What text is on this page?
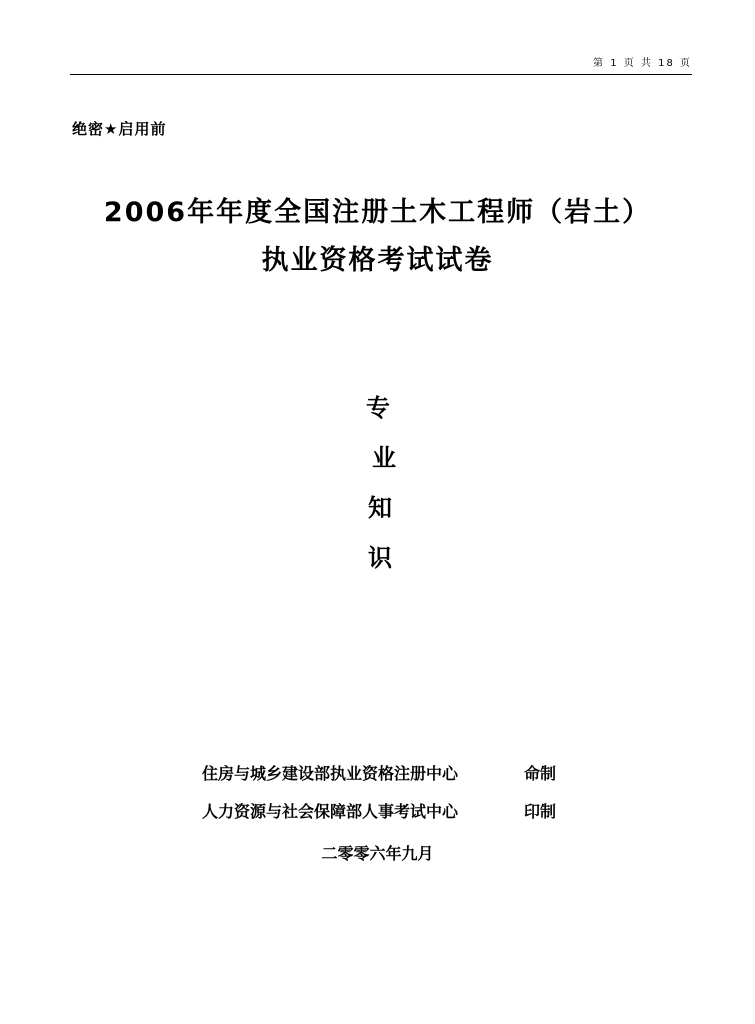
第 1 页 共 18 页
绝密★启用前
2006年年度全国注册土木工程师（岩土）
执业资格考试试卷
专
业
知
识
住房与城乡建设部执业资格注册中心	命制
人力资源与社会保障部人事考试中心	印制
二零零六年九月
